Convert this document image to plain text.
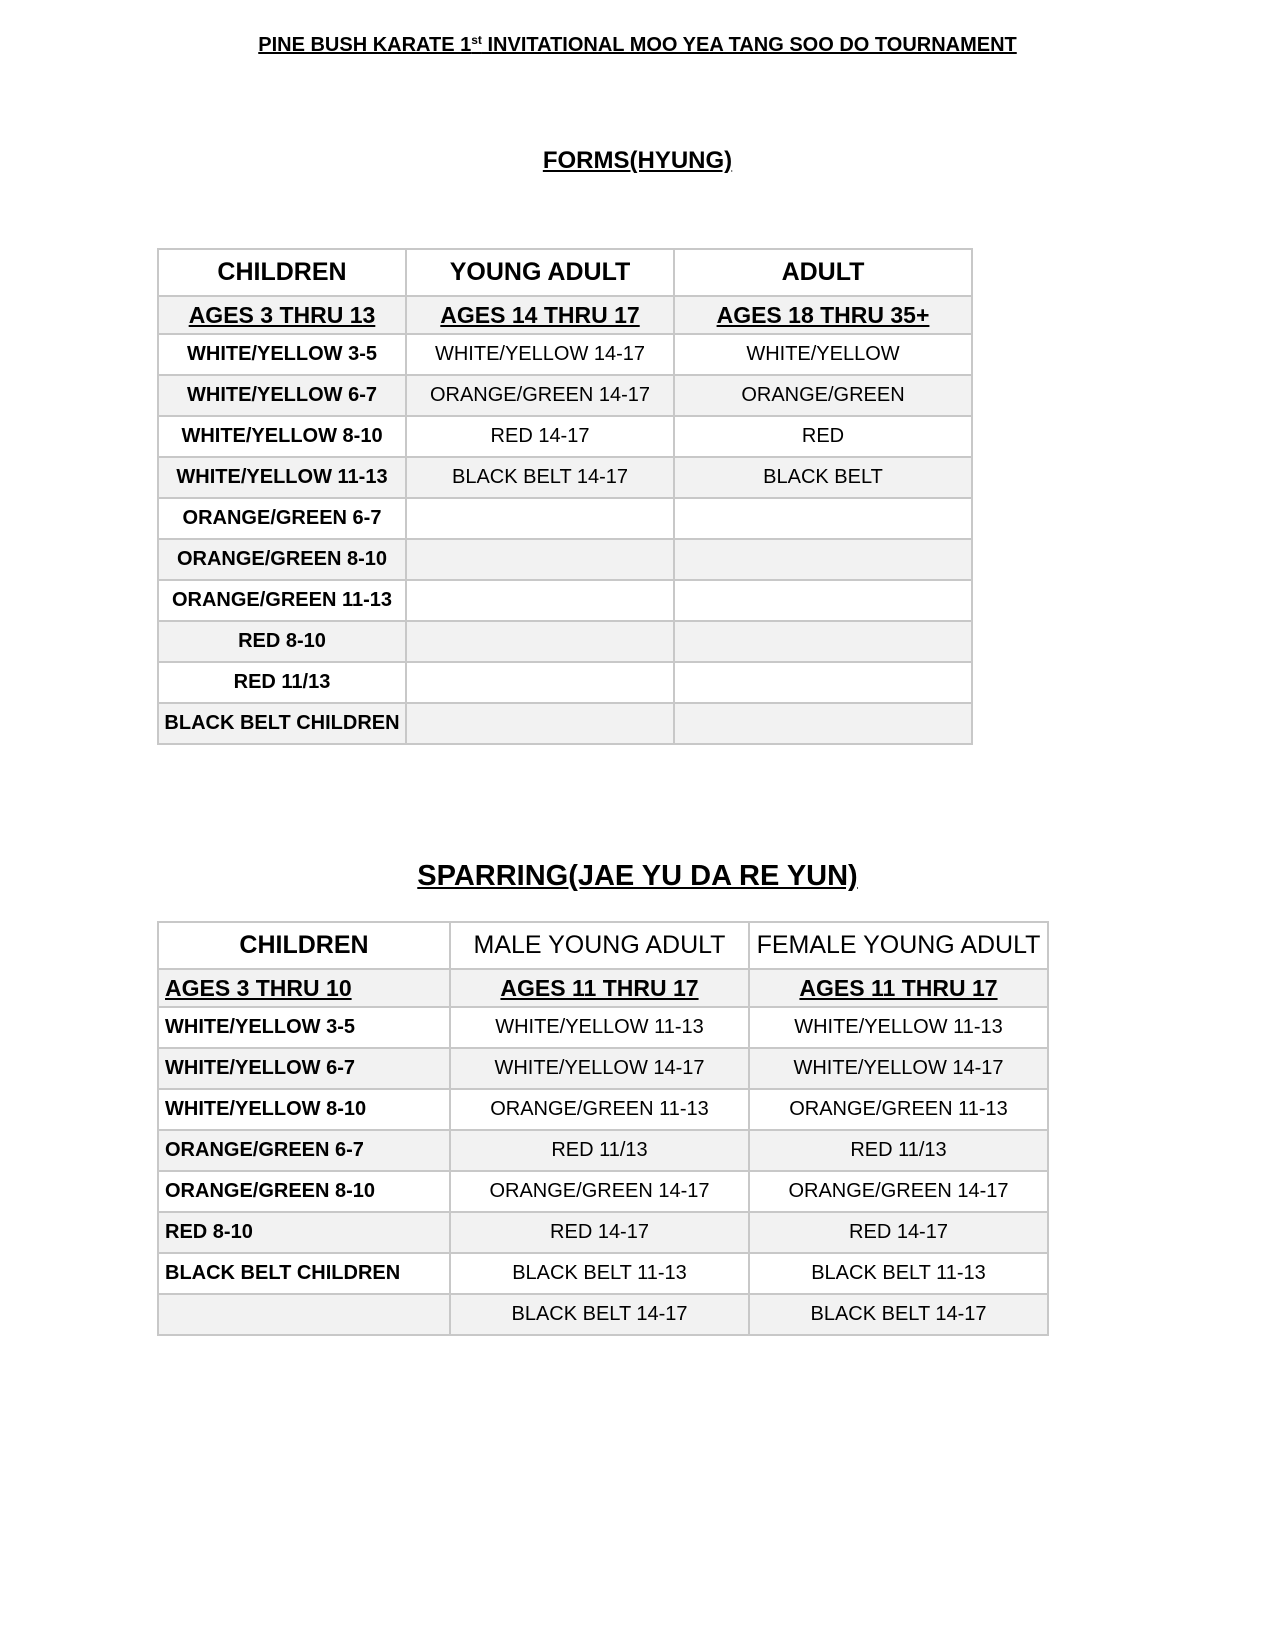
PINE BUSH KARATE 1st INVITATIONAL MOO YEA TANG SOO DO TOURNAMENT
FORMS(HYUNG)
CHILDREN	YOUNG ADULT	ADULT
AGES 3 THRU 13	AGES 14 THRU 17	AGES 18 THRU 35+
WHITE/YELLOW 3-5	WHITE/YELLOW 14-17	WHITE/YELLOW
WHITE/YELLOW 6-7	ORANGE/GREEN 14-17	ORANGE/GREEN
WHITE/YELLOW 8-10	RED 14-17	RED
WHITE/YELLOW 11-13	BLACK BELT 14-17	BLACK BELT
ORANGE/GREEN 6-7		
ORANGE/GREEN 8-10		
ORANGE/GREEN 11-13		
RED 8-10		
RED 11/13		
BLACK BELT CHILDREN		
SPARRING(JAE YU DA RE YUN)
CHILDREN	MALE YOUNG ADULT	FEMALE YOUNG ADULT
AGES 3 THRU 10	AGES 11 THRU 17	AGES 11 THRU 17
WHITE/YELLOW 3-5	WHITE/YELLOW 11-13	WHITE/YELLOW 11-13
WHITE/YELLOW 6-7	WHITE/YELLOW 14-17	WHITE/YELLOW 14-17
WHITE/YELLOW 8-10	ORANGE/GREEN 11-13	ORANGE/GREEN 11-13
ORANGE/GREEN 6-7	RED 11/13	RED 11/13
ORANGE/GREEN 8-10	ORANGE/GREEN 14-17	ORANGE/GREEN 14-17
RED 8-10	RED 14-17	RED 14-17
BLACK BELT CHILDREN	BLACK BELT 11-13	BLACK BELT 11-13
	BLACK BELT 14-17	BLACK BELT 14-17
